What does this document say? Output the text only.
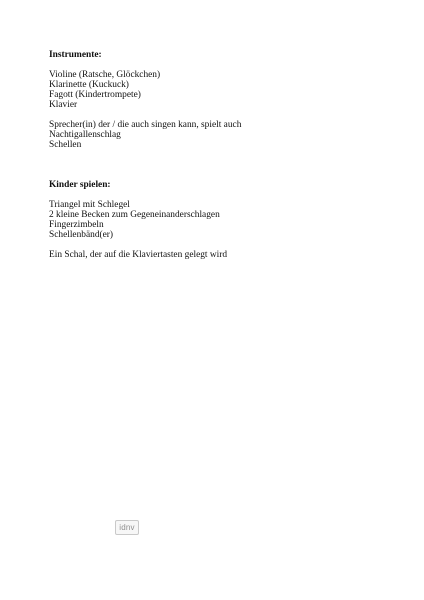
Instrumente:
Violine (Ratsche, Glöckchen)
Klarinette (Kuckuck)
Fagott (Kindertrompete)
Klavier
Sprecher(in) der / die auch singen kann, spielt auch
Nachtigallenschlag
Schellen
Kinder spielen:
Triangel mit Schlegel
2 kleine Becken zum Gegeneinanderschlagen
Fingerzimbeln
Schellenbänd(er)
Ein Schal, der auf die Klaviertasten gelegt wird
idnv
